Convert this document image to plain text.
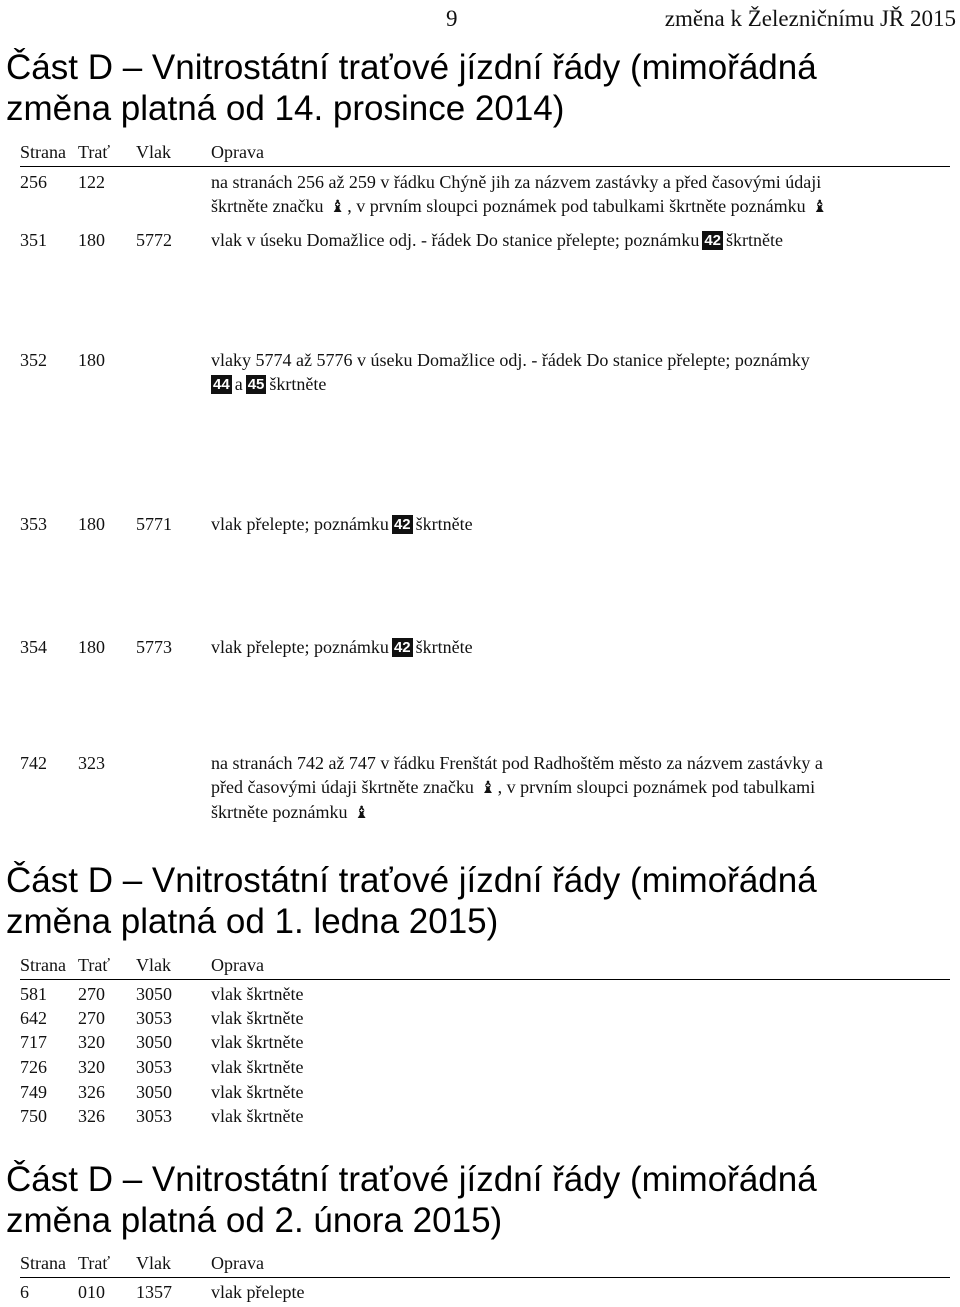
9	změna k Železničnímu JŘ 2015
Část D – Vnitrostátní traťové jízdní řády (mimořádná
změna platná od 14. prosince 2014)
Strana Trať Vlak Oprava
256 122	na stranách 256 až 259 v řádku Chýně jih za názvem zastávky a před časovými údaji
škrtněte značku ♝ , v prvním sloupci poznámek pod tabulkami škrtněte poznámku ♝
351 180 5772 vlak v úseku Domažlice odj. - řádek Do stanice přelepte; poznámku 42 škrtněte
352 180	vlaky 5774 až 5776 v úseku Domažlice odj. - řádek Do stanice přelepte; poznámky
44 a 45 škrtněte
353 180 5771 vlak přelepte; poznámku 42 škrtněte
354 180 5773 vlak přelepte; poznámku 42 škrtněte
742 323	na stranách 742 až 747 v řádku Frenštát pod Radhoštěm město za názvem zastávky a
před časovými údaji škrtněte značku ♝ , v prvním sloupci poznámek pod tabulkami
škrtněte poznámku ♝
Část D – Vnitrostátní traťové jízdní řády (mimořádná
změna platná od 1. ledna 2015)
Strana Trať Vlak Oprava
581 270 3050 vlak škrtněte
642 270 3053 vlak škrtněte
717 320 3050 vlak škrtněte
726 320 3053 vlak škrtněte
749 326 3050 vlak škrtněte
750 326 3053 vlak škrtněte
Část D – Vnitrostátní traťové jízdní řády (mimořádná
změna platná od 2. února 2015)
Strana Trať Vlak Oprava
6	010 1357 vlak přelepte
